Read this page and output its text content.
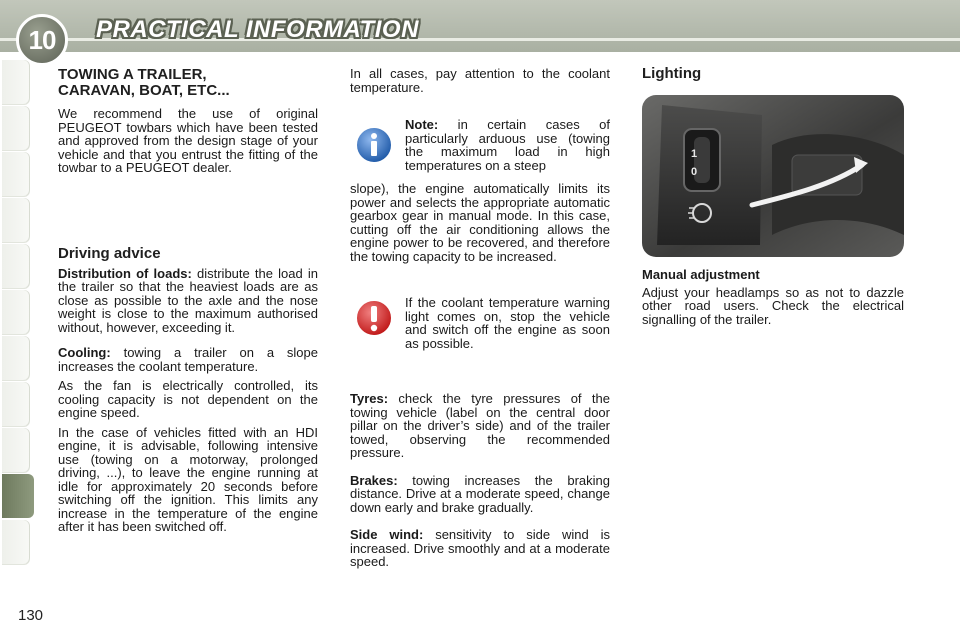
10	PRACTICAL INFORMATION
TOWING A TRAILER,
CARAVAN, BOAT, ETC...

We recommend the use of original PEUGEOT towbars which have been tested and approved from the design stage of your vehicle and that you entrust the fitting of the towbar to a PEUGEOT dealer.

Driving advice

Distribution of loads: distribute the load in the trailer so that the heaviest loads are as close as possible to the axle and the nose weight is close to the maximum authorised without, however, exceeding it.

Cooling: towing a trailer on a slope increases the coolant temperature.

As the fan is electrically controlled, its cooling capacity is not dependent on the engine speed.

In the case of vehicles fitted with an HDI engine, it is advisable, following intensive use (towing on a motorway, prolonged driving, ...), to leave the engine running at idle for approximately 20 seconds before switching off the ignition. This limits any increase in the temperature of the engine after it has been switched off.

In all cases, pay attention to the coolant temperature.

Note: in certain cases of particularly arduous use (towing the maximum load in high temperatures on a steep

slope), the engine automatically limits its power and selects the appropriate automatic gearbox gear in manual mode. In this case, cutting off the air conditioning allows the engine power to be recovered, and therefore the towing capacity to be increased.

If the coolant temperature warning light comes on, stop the vehicle and switch off the engine as soon as possible.

Tyres: check the tyre pressures of the towing vehicle (label on the central door pillar on the driver’s side) and of the trailer towed, observing the recommended pressure.

Brakes: towing increases the braking distance. Drive at a moderate speed, change down early and brake gradually.

Side wind: sensitivity to side wind is increased. Drive smoothly and at a moderate speed.

Lighting
1
0
Manual adjustment

Adjust your headlamps so as not to dazzle other road users. Check the electrical signalling of the trailer.

130
